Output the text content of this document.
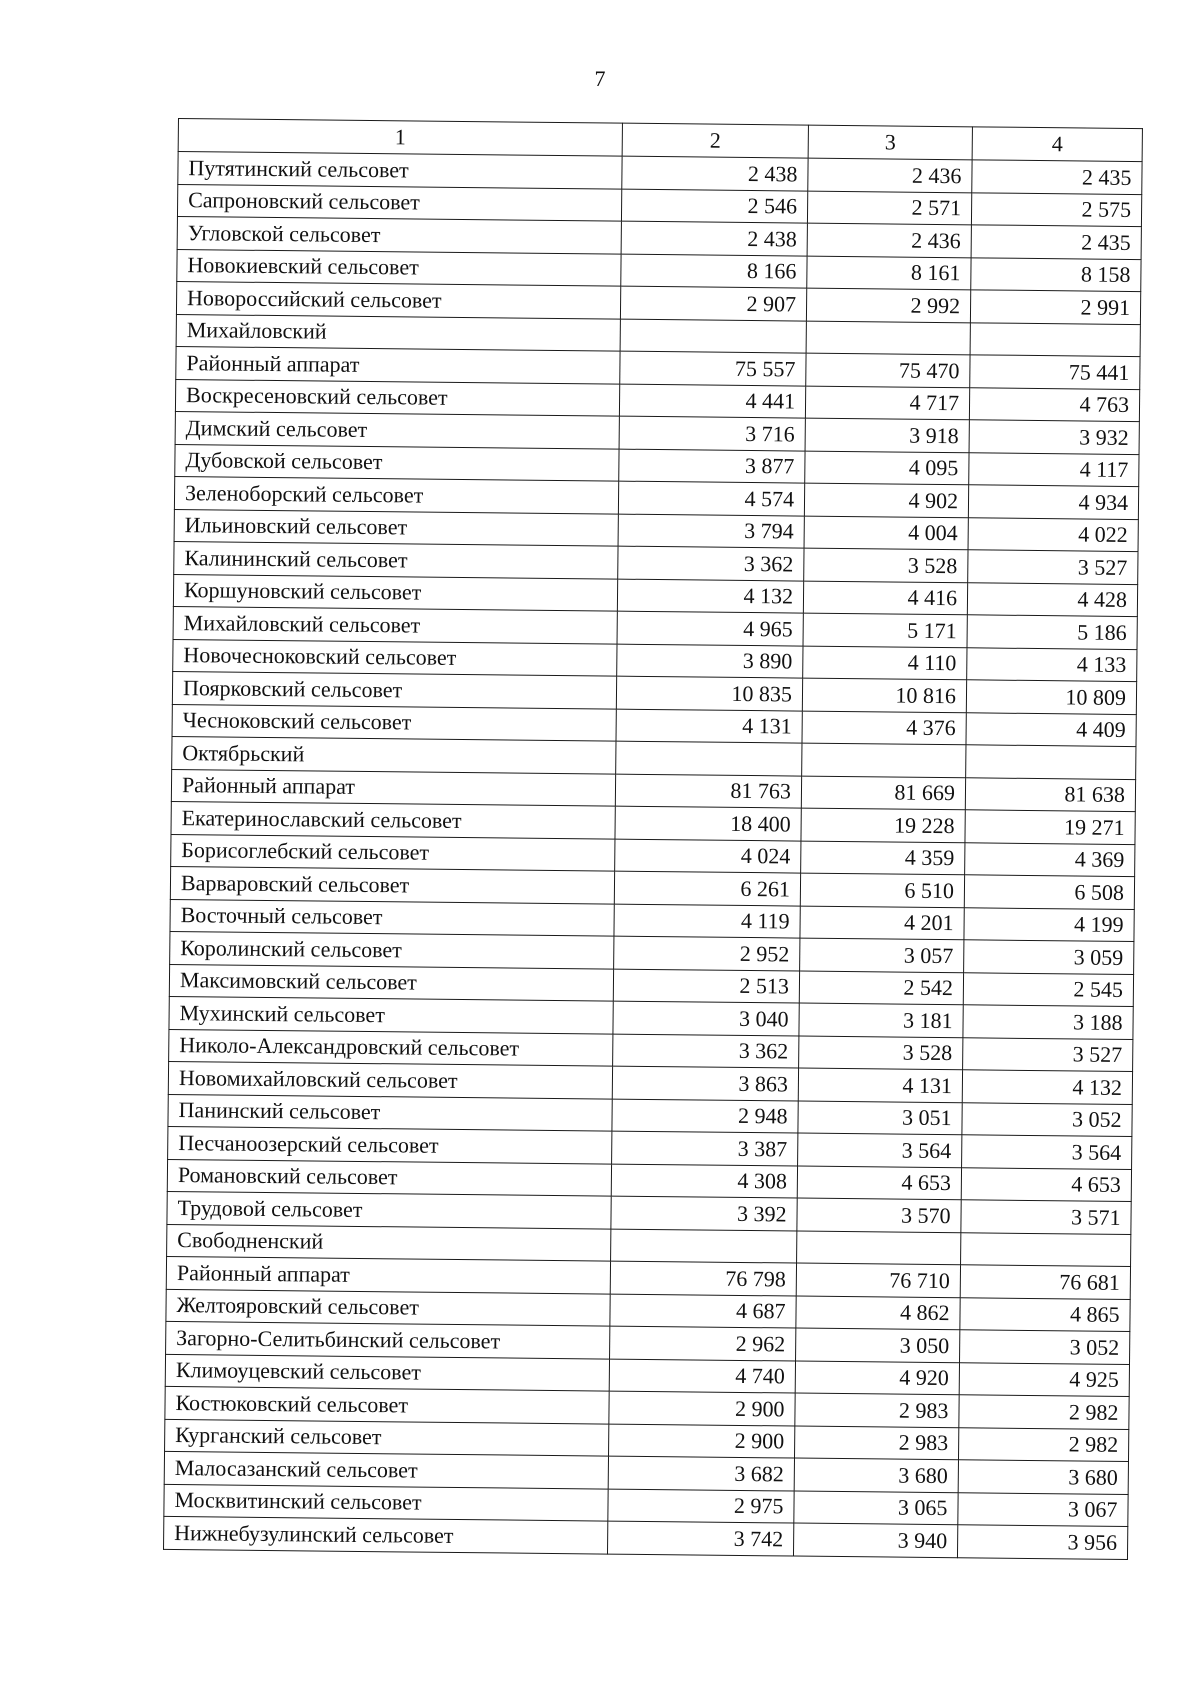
7
1	2	3	4
Путятинский сельсовет	2 438	2 436	2 435
Сапроновский сельсовет	2 546	2 571	2 575
Угловской сельсовет	2 438	2 436	2 435
Новокиевский сельсовет	8 166	8 161	8 158
Новороссийский сельсовет	2 907	2 992	2 991
Михайловский			
Районный аппарат	75 557	75 470	75 441
Воскресеновский сельсовет	4 441	4 717	4 763
Димский сельсовет	3 716	3 918	3 932
Дубовской сельсовет	3 877	4 095	4 117
Зеленоборский сельсовет	4 574	4 902	4 934
Ильиновский сельсовет	3 794	4 004	4 022
Калининский сельсовет	3 362	3 528	3 527
Коршуновский сельсовет	4 132	4 416	4 428
Михайловский сельсовет	4 965	5 171	5 186
Новочесноковский сельсовет	3 890	4 110	4 133
Поярковский сельсовет	10 835	10 816	10 809
Чесноковский сельсовет	4 131	4 376	4 409
Октябрьский			
Районный аппарат	81 763	81 669	81 638
Екатеринославский сельсовет	18 400	19 228	19 271
Борисоглебский сельсовет	4 024	4 359	4 369
Варваровский сельсовет	6 261	6 510	6 508
Восточный сельсовет	4 119	4 201	4 199
Королинский сельсовет	2 952	3 057	3 059
Максимовский сельсовет	2 513	2 542	2 545
Мухинский сельсовет	3 040	3 181	3 188
Николо-Александровский сельсовет	3 362	3 528	3 527
Новомихайловский сельсовет	3 863	4 131	4 132
Панинский сельсовет	2 948	3 051	3 052
Песчаноозерский сельсовет	3 387	3 564	3 564
Романовский сельсовет	4 308	4 653	4 653
Трудовой сельсовет	3 392	3 570	3 571
Свободненский			
Районный аппарат	76 798	76 710	76 681
Желтояровский сельсовет	4 687	4 862	4 865
Загорно-Селитьбинский сельсовет	2 962	3 050	3 052
Климоуцевский сельсовет	4 740	4 920	4 925
Костюковский сельсовет	2 900	2 983	2 982
Курганский сельсовет	2 900	2 983	2 982
Малосазанский сельсовет	3 682	3 680	3 680
Москвитинский сельсовет	2 975	3 065	3 067
Нижнебузулинский сельсовет	3 742	3 940	3 956
